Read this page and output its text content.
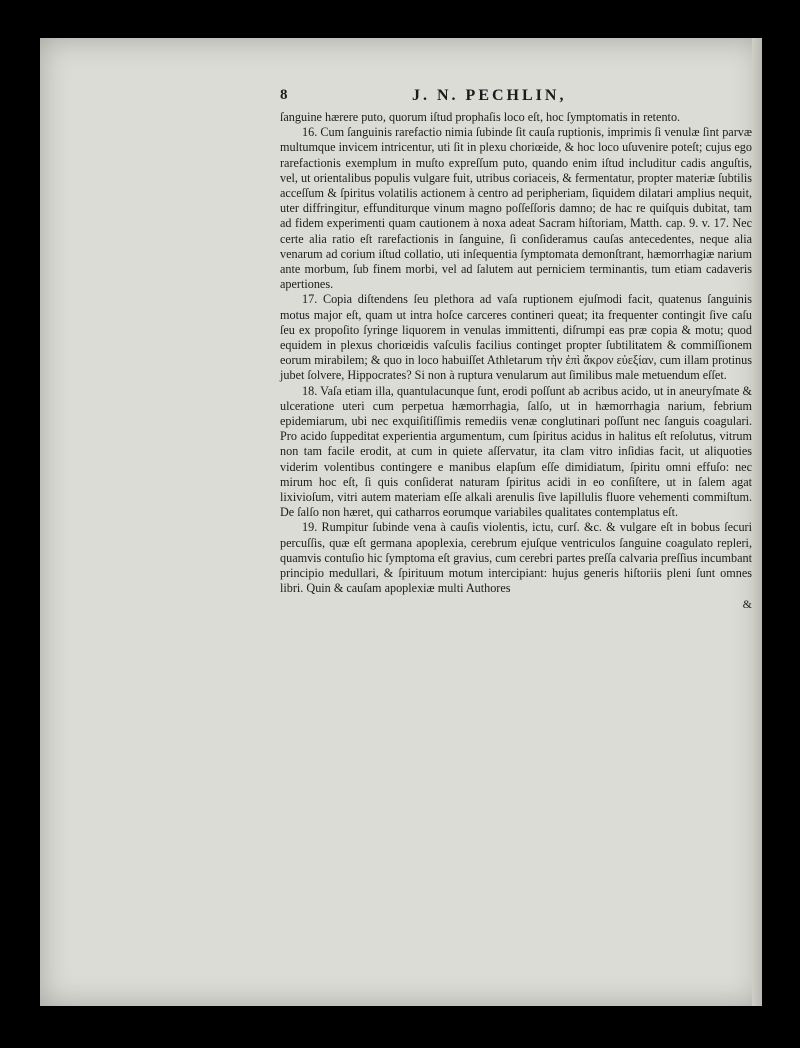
8	J. N. PECHLIN,

ſanguine hærere puto, quorum iſtud prophaſis loco eſt, hoc ſymptomatis in retento.

16. Cum ſanguinis rarefactio nimia ſubinde ſit cauſa ruptionis, imprimis ſi venulæ ſint parvæ multumque invicem intricentur, uti ſit in plexu choriœide, & hoc loco uſuvenire poteſt; cujus ego rarefactionis exemplum in muſto expreſſum puto, quando enim iſtud includitur cadis anguſtis, vel, ut orientalibus populis vulgare fuit, utribus coriaceis, & fermentatur, propter materiæ ſubtilis acceſſum & ſpiritus volatilis actionem à centro ad peripheriam, ſiquidem dilatari amplius nequit, uter diffringitur, effunditurque vinum magno poſſeſſoris damno; de hac re quiſquis dubitat, tam ad fidem experimenti quam cautionem à noxa adeat Sacram hiſtoriam, Matth. cap. 9. v. 17. Nec certe alia ratio eſt rarefactionis in ſanguine, ſi conſideramus cauſas antecedentes, neque alia venarum ad corium iſtud collatio, uti inſequentia ſymptomata demonſtrant, hæmorrhagiæ narium ante morbum, ſub finem morbi, vel ad ſalutem aut perniciem terminantis, tum etiam cadaveris apertiones.

17. Copia diſtendens ſeu plethora ad vaſa ruptionem ejuſmodi facit, quatenus ſanguinis motus major eſt, quam ut intra hoſce carceres contineri queat; ita frequenter contingit ſive caſu ſeu ex propoſito ſyringe liquorem in venulas immittenti, diſrumpi eas præ copia & motu; quod equidem in plexus choriœidis vaſculis facilius continget propter ſubtilitatem & commiſſionem eorum mirabilem; & quo in loco habuiſſet Athletarum τὴν ἐπὶ ἄκρον εὐεξίαν, cum illam protinus jubet ſolvere, Hippocrates? Si non à ruptura venularum aut ſimilibus male metuendum eſſet.

18. Vaſa etiam illa, quantulacunque ſunt, erodi poſſunt ab acribus acido, ut in aneuryſmate & ulceratione uteri cum perpetua hæmorrhagia, ſalſo, ut in hæmorrhagia narium, febrium epidemiarum, ubi nec exquiſitiſſimis remediis venæ conglutinari poſſunt nec ſanguis coagulari. Pro acido ſuppeditat experientia argumentum, cum ſpiritus acidus in halitus eſt reſolutus, vitrum non tam facile erodit, at cum in quiete aſſervatur, ita clam vitro inſidias facit, ut aliquoties viderim volentibus contingere e manibus elapſum eſſe dimidiatum, ſpiritu omni effuſo: nec mirum hoc eſt, ſi quis conſiderat naturam ſpiritus acidi in eo conſiſtere, ut in ſalem agat lixivioſum, vitri autem materiam eſſe alkali arenulis ſive lapillulis fluore vehementi commiſtum. De ſalſo non hæret, qui catharros eorumque variabiles qualitates contemplatus eſt.

19. Rumpitur ſubinde vena à cauſis violentis, ictu, curſ. &c. & vulgare eſt in bobus ſecuri percuſſis, quæ eſt germana apoplexia, cerebrum ejuſque ventriculos ſanguine coagulato repleri, quamvis contuſio hic ſymptoma eſt gravius, cum cerebri partes preſſa calvaria preſſius incumbant principio medullari, & ſpirituum motum intercipiant: hujus generis hiſtoriis pleni ſunt omnes libri. Quin & cauſam apoplexiæ multi Authores

&
